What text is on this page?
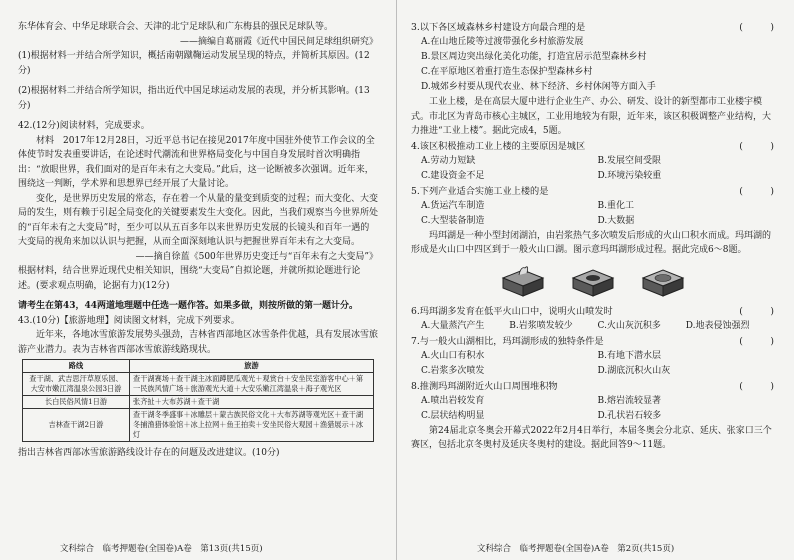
东华体育会、中华足球联合会、天津的北宁足球队和广东梅县的强民足球队等。

——摘编自葛丽霞《近代中国民间足球组织研究》

(1)根据材料一并结合所学知识，概括南朝蹴鞠运动发展呈现的特点，并简析其原因。(12分)

(2)根据材料二并结合所学知识，指出近代中国足球运动发展的表现，并分析其影响。(13分)

42.(12分)阅读材料，完成要求。

材料　2017年12月28日，习近平总书记在接见2017年度中国驻外使节工作会议的全体使节时发表重要讲话，在论述时代潮流和世界格局变化与中国自身发展时首次明确指出：“放眼世界，我们面对的是百年未有之大变局。”此后，这一论断被多次强调。近年来，围绕这一判断，学术界和思想界已经开展了大量讨论。

变化，是世界历史发展的常态，存在着一个从量的量变到质变的过程；而大变化、大变局的发生，则有赖于引起全局变化的关键要素发生大变化。因此，当我们观察当今世界所处的“百年未有之大变局”时，至少可以从五百多年以来世界历史发展的长镜头和百年一遇的大变局的视角来加以认识与把握，从而全面深刻地认识与把握世界百年未有之大变局。

——摘自徐蓝《500年世界历史变迁与“百年未有之大变局”》

根据材料，结合世界近现代史相关知识，围绕“大变局”自拟论题，并就所拟论题进行论述。(要求观点明确，论据有力)(12分)

请考生在第43，44两道地理题中任选一题作答。如果多做，则按所做的第一题计分。

43.(10分)【旅游地理】阅读图文材料，完成下列要求。

近年来，各地冰雪旅游发展势头强劲，吉林省西部地区冰雪条件优越，具有发展冰雪旅游产业潜力。表为吉林省西部冰雪旅游线路现状。

路线	旅游
查干湖、武吉思汗草原乐园、大安市嫩江湾温泉公园3日游	查干湖赛场＋查干湖主冰面蹲肥瓜观光＋观赏台＋安坐民室游客中心＋第一民族风情广场＋旅游观光大道＋大安乐嫩江湾温泉＋海子观光区
长白民俗风情1日游	张齐扯＋大布苏湖＋查干湖
吉林查干湖2日游	查干湖冬季盛事＋冰雕层＋蒙古族民俗文化＋大布苏湖等观光区＋查干湖冬捕渔猎体验馆＋冰上拉网＋鱼王拍卖＋安坐民俗大观园＋渔猎展示＋冰灯

指出吉林省西部冰雪旅游路线设计存在的问题及改进建议。(10分)

文科综合　临考押题卷(全国卷)A卷　第13页(共15页)
3.以下各区域森林乡村建设方向最合理的是	(　　　)
A.在山地丘陵等过渡带强化乡村旅游发展
B.景区周边突出绿化美化功能，打造宜居示范型森林乡村
C.在平原地区着重打造生态保护型森林乡村
D.城郊乡村要从现代农业、林下经济、乡村休闲等方面入手

工业上楼，是在高层大厦中进行企业生产、办公、研发、设计的新型都市工业楼宇模式。市北区为青岛市核心主城区，工业用地较为有限，近年来，该区积极调整产业结构，大力推进“工业上楼”。据此完成4，5题。

4.该区积极推动工业上楼的主要原因是城区	(　　　)
A.劳动力短缺	B.发展空间受限
C.建设资金不足	D.环境污染较重
5.下列产业适合实施工业上楼的是	(　　　)
A.货运汽车制造	B.重化工
C.大型装备制造	D.大数据

玛珥湖是一种小型封闭湖泊，由岩浆热气多次喷发后形成的火山口积水而成。玛珥湖的形成是火山口中四区到于一般火山口湖。图示意玛珥湖形成过程。据此完成6～8题。

6.玛珥湖多发育在低平火山口中，说明火山喷发时	(　　　)
A.大量蒸汽产生	B.岩浆喷发较少	C.火山灰沉积多	D.地表侵蚀强烈
7.与一般火山湖相比，玛珥湖形成的独特条件是	(　　　)
A.火山口有积水	B.有地下潜水层
C.岩浆多次喷发	D.湖底沉积火山灰
8.推测玛珥湖附近火山口周围堆积物	(　　　)
A.喷出岩较发育	B.熔岩流较显著
C.层状结构明显	D.孔状岩石较多

第24届北京冬奥会开幕式2022年2月4日举行，本届冬奥会分北京、延庆、张家口三个赛区，包括北京冬奥村及延庆冬奥村的建设。据此回答9～11题。

文科综合　临考押题卷(全国卷)A卷　第2页(共15页)
